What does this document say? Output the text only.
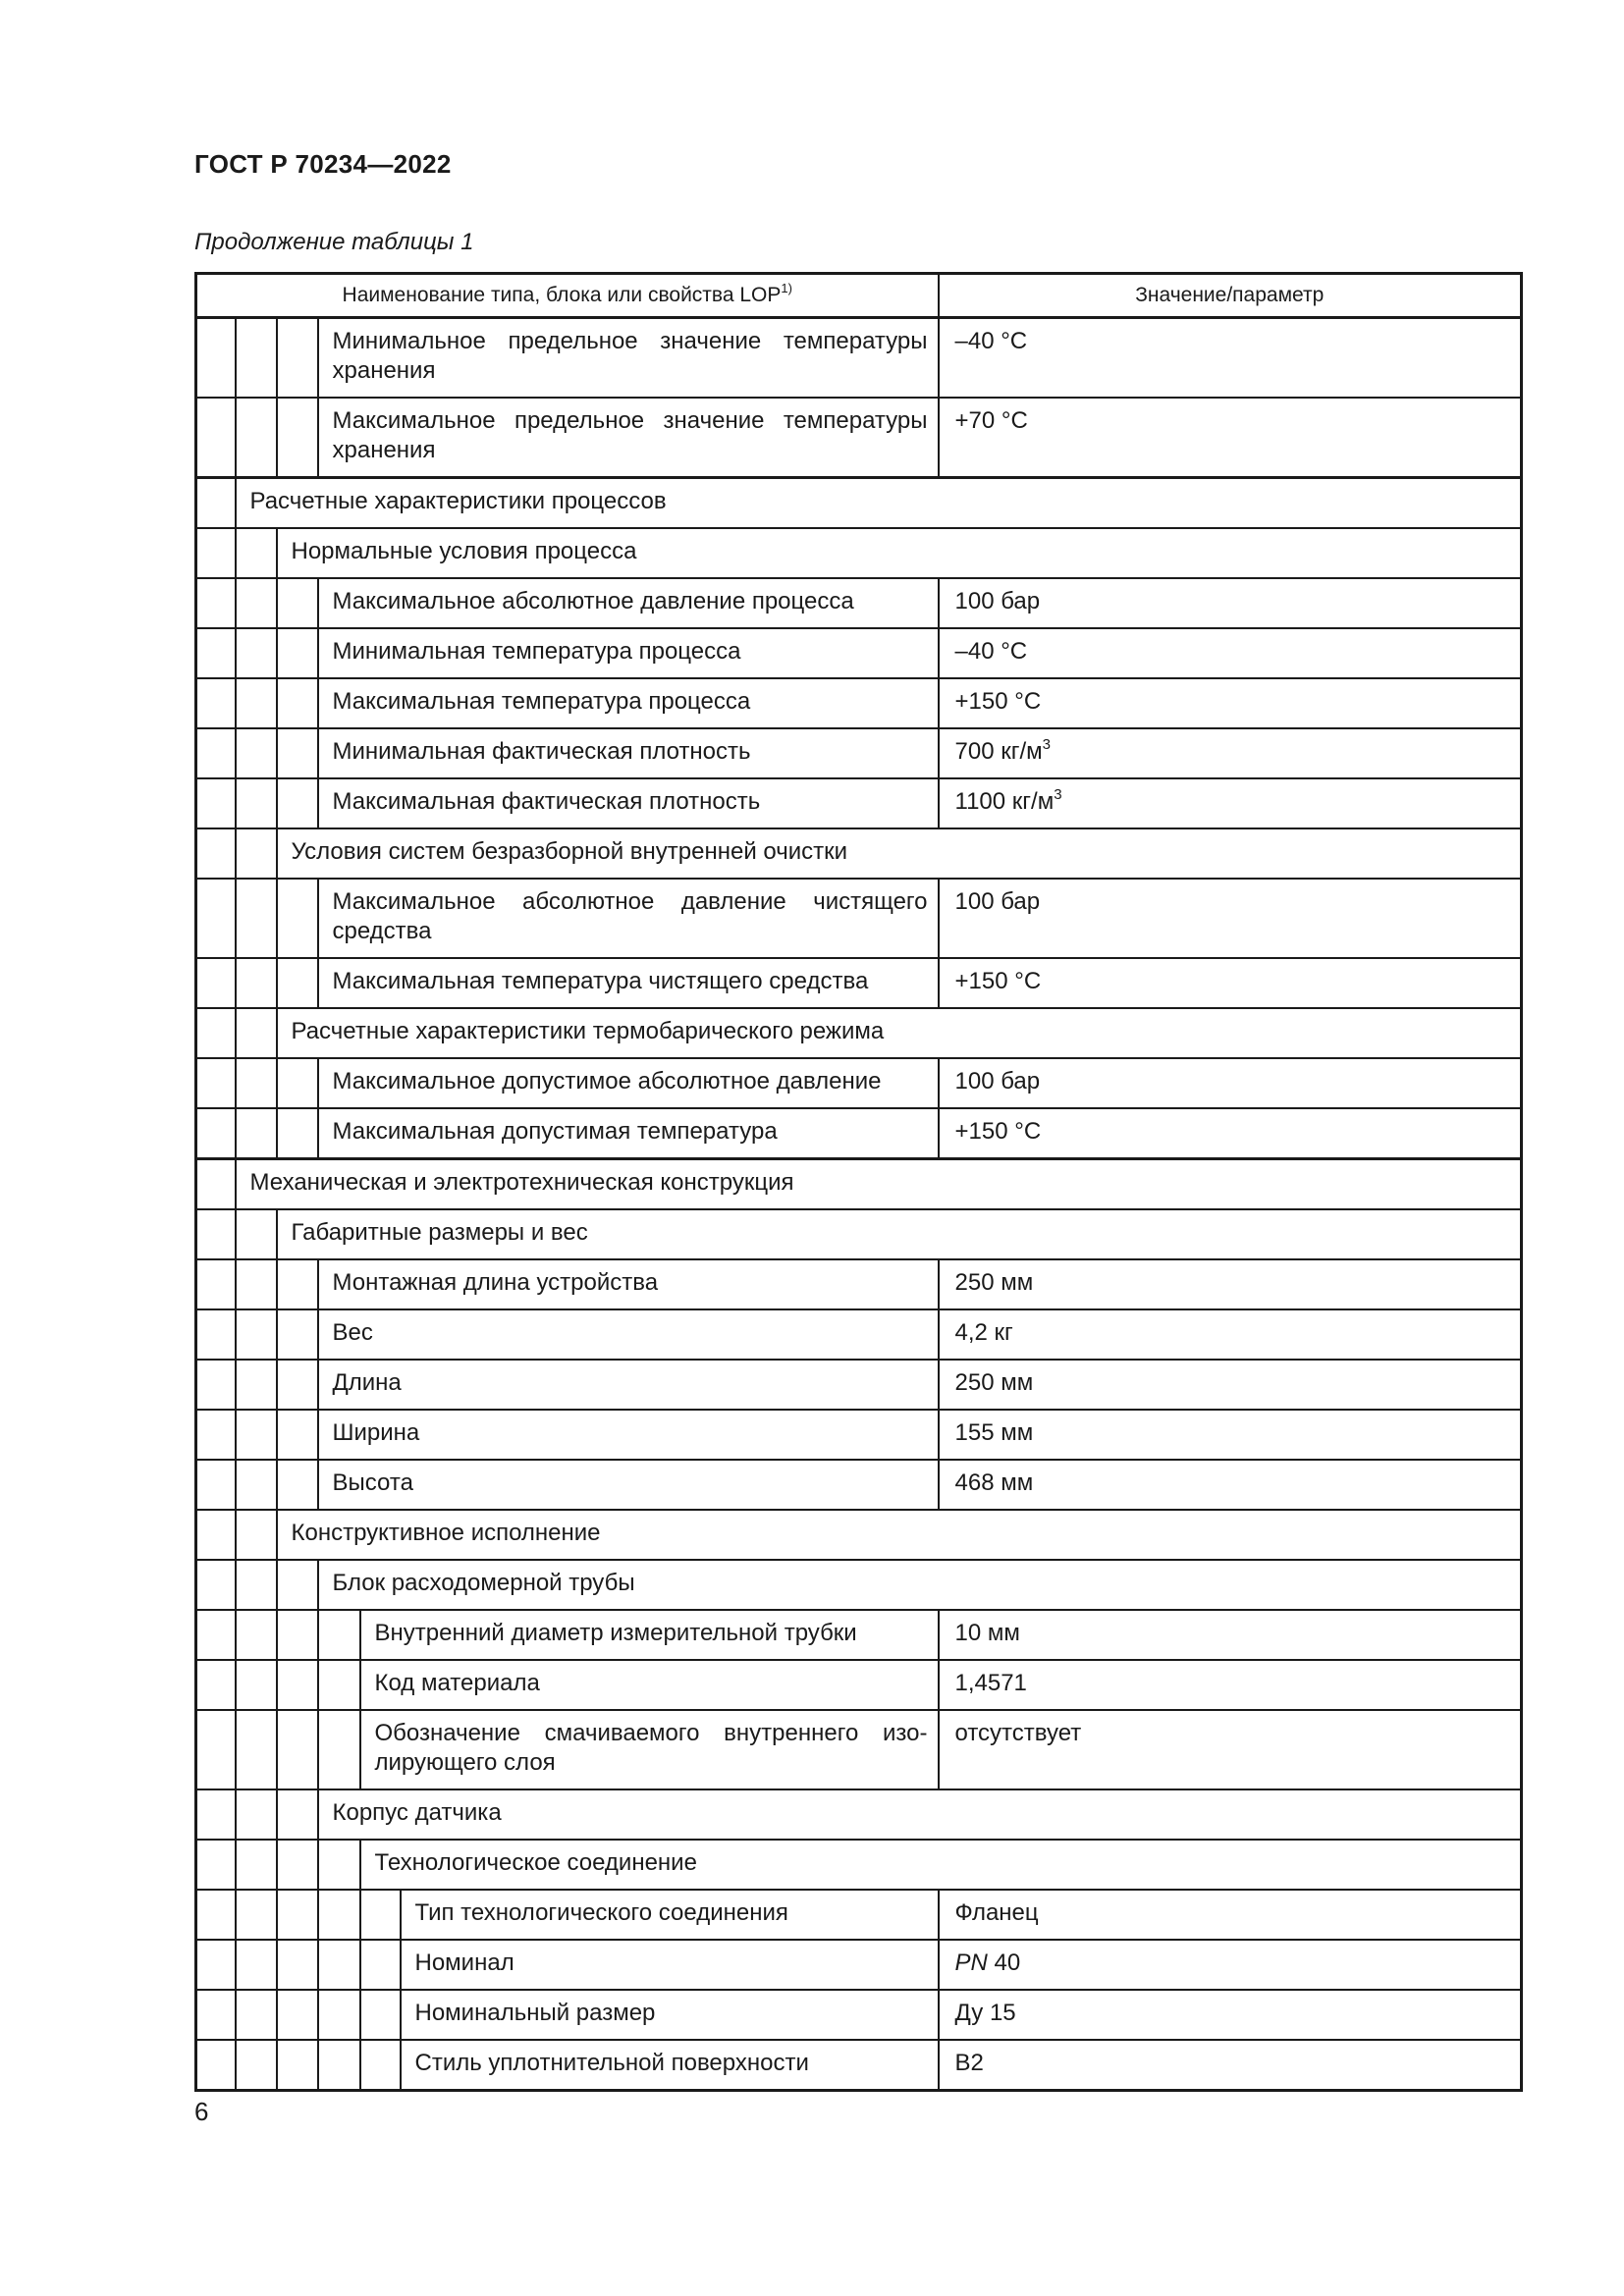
ГОСТ Р 70234—2022
Продолжение таблицы 1
Наименование типа, блока или свойства LOP$^{1)}$						Значение/параметр
			Минимальное предельное значение температуры хранения			–40 °C
			Максимальное предельное значение температуры хранения			+70 °C
	Расчетные характеристики процессов					
		Нормальные условия процесса				
			Максимальное абсолютное давление процесса			100 бар
			Минимальная температура процесса			–40 °C
			Максимальная температура процесса			+150 °C
			Минимальная фактическая плотность			700 $кг/м^3$
			Максимальная фактическая плотность			1100 $кг/м^3$
		Условия систем безразборной внутренней очистки				
			Максимальное абсолютное давление чистящего средства			100 бар
			Максимальная температура чистящего средства			+150 °C
		Расчетные характеристики термобарического режима				
			Максимальное допустимое абсолютное давление			100 бар
			Максимальная допустимая температура			+150 °C
	Механическая и электротехническая конструкция					
		Габаритные размеры и вес				
			Монтажная длина устройства			250 мм
			Вес			4,2 кг
			Длина			250 мм
			Ширина			155 мм
			Высота			468 мм
		Конструктивное исполнение				
			Блок расходомерной трубы			
				Внутренний диаметр измерительной трубки		10 мм
				Код материала		1,4571
				Обозначение смачиваемого внутреннего изо- лирующего слоя		отсутствует
			Корпус датчика			
				Технологическое соединение		
					Тип технологического соединения	Фланец
					Номинал	PN 40
					Номинальный размер	Ду 15
					Стиль уплотнительной поверхности	B2
6
